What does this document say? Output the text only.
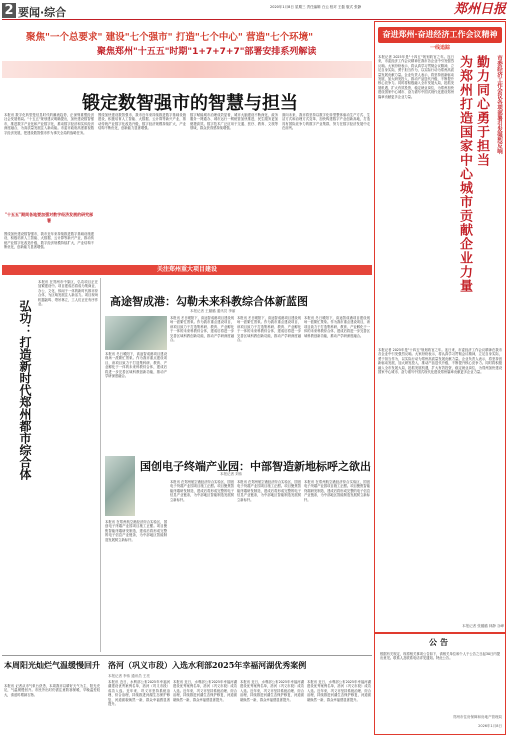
2 要闻·综合	2020年1月8日 星期三 责任编辑 白云 校对 王磊 版式 张静	郑州日报
聚焦"一个总要求" 建设"七个强市" 打造"七个中心" 营造"七个环境"
聚焦郑州"十五五"时期"1+7+7+7"部署安排系列解读
锻定数智强市的智慧与担当
本报讯 数字化转型是信息时代的潮流趋势，正深刻重塑经济社会发展格局。"十五五"规划建议明确提出，加快建设数智强市，推进数字产业化和产业数字化，推动数字经济和实体经济深度融合，为高质量发展注入新动能。市委市政府高度重视数字经济发展，把建设数智强市作为事关全局的战略任务。
"十五五"期间各地要加强对数字经济发展的研究部署
围绕加快建设数智强市，我市近年来持续推进数字基础设施建设，积极培育人工智能、大数据、云计算等新兴产业，推动传统产业数字化改造升级，数字经济规模持续扩大，产业结构不断优化，创新能力显著增强。
围绕加快建设数智强市，我市近年来持续推进数字基础设施建设，积极培育人工智能、大数据、云计算等新兴产业，推动传统产业数字化改造升级，数字经济规模持续扩大，产业结构不断优化，创新能力显著增强。
数字赋能城市治理成效显著，城市大脑建设不断深化，政务服务一网通办、城市运行一网统管加快推进，民生服务更加便捷高效。数字技术广泛应用于交通、医疗、教育、文旅等领域，群众获得感持续增强。
面向未来，我市将坚持以数字化转型整体驱动生产方式、生活方式和治理方式变革，加快构建数字产业创新高地，打造具有国际竞争力的数字产业集群，努力在数字经济发展中走在前列。
奋进郑州·奋进经济工作会议精神
一线追踪
市委经济工作会议各项部署引发强烈反响
勤力同心勇于担当
为郑州打造国家中心城市贡献企业力量
本报记者 2025年是"十四五"规划收官之年。连日来，市委经济工作会议精神在我市各企业中引发强烈反响。大家纷纷表示，将认真学习贯彻会议精神，立足自身实际，勇于担当作为，以实际行动为郑州高质量发展贡献力量。企业负责人表示，将坚持创新驱动发展，加大研发投入，推动产品迭代升级，不断提升核心竞争力。同时将积极融入全市发展大局，抢抓发展机遇，扩大有效投资，稳定就业岗位，为郑州加快建设国家中心城市、奋力谱写中国式现代化建设郑州篇章贡献更多企业力量。
本报记者 2025年是"十四五"规划收官之年。连日来，市委经济工作会议精神在我市各企业中引发强烈反响。大家纷纷表示，将认真学习贯彻会议精神，立足自身实际，勇于担当作为，以实际行动为郑州高质量发展贡献力量。企业负责人表示，将坚持创新驱动发展，加大研发投入，推动产品迭代升级，不断提升核心竞争力。同时将积极融入全市发展大局，抢抓发展机遇，扩大有效投资，稳定就业岗位，为郑州加快建设国家中心城市、奋力谱写中国式现代化建设郑州篇章贡献更多企业力量。
本报记者 张璐璐 林静 谷峰
关注郑州重大项目建设
弘功：打造新时代郑州都市综合体
本报讯 在郑州市中原区，弘功项目正在加紧建设中。项目建成后将成为集商业、办公、文化、休闲于一体的新时代都市综合体，为区域发展注入新活力。项目现场机器轰鸣、塔吊林立，工人们正在有序作业。	高途智成港：勾勒未来科教综合体新蓝图
本报记者 王璐璐 通讯员 李丽
本报讯 冬日暖阳下，高途智成港项目建设现场一派繁忙景象。作为我市重点建设项目，该项目致力于打造集科研、教育、产业孵化于一体的未来科教综合体，建成后将进一步完善区域科教创新功能，推动产学研深度融合。
本报讯 冬日暖阳下，高途智成港项目建设现场一派繁忙景象。作为我市重点建设项目，该项目致力于打造集科研、教育、产业孵化于一体的未来科教综合体，建成后将进一步完善区域科教创新功能，推动产学研深度融合。
本报讯 冬日暖阳下，高途智成港项目建设现场一派繁忙景象。作为我市重点建设项目，该项目致力于打造集科研、教育、产业孵化于一体的未来科教综合体，建成后将进一步完善区域科教创新功能，推动产学研深度融合。
本报讯 冬日暖阳下，高途智成港项目建设现场一派繁忙景象。作为我市重点建设项目，该项目致力于打造集科研、教育、产业孵化于一体的未来科教综合体，建成后将进一步完善区域科教创新功能，推动产学研深度融合。
国创电子终端产业园：中部智造新地标呼之欲出
本报记者 刘伟
本报讯 在郑州航空港经济综合实验区，国创电子终端产业园项目施工正酣。项目聚焦智能终端研发制造，建成后将形成完整的电子信息产业链条，为中部地区智能制造发展树立新标杆。
本报讯 在郑州航空港经济综合实验区，国创电子终端产业园项目施工正酣。项目聚焦智能终端研发制造，建成后将形成完整的电子信息产业链条，为中部地区智能制造发展树立新标杆。
本报讯 在郑州航空港经济综合实验区，国创电子终端产业园项目施工正酣。项目聚焦智能终端研发制造，建成后将形成完整的电子信息产业链条，为中部地区智能制造发展树立新标杆。
本报讯 在郑州航空港经济综合实验区，国创电子终端产业园项目施工正酣。项目聚焦智能终端研发制造，建成后将形成完整的电子信息产业链条，为中部地区智能制造发展树立新标杆。
本周阳光灿烂气温缓慢回升
本报讯 记者从市气象台获悉，本周我市以晴好天气为主，阳光充足，气温缓慢回升。市民外出时仍需注意防寒保暖，早晚温差较大，请适时增减衣物。
洛河（巩义市段）入选水利部2025年幸福河湖优秀案例
本报记者 李伟 通讯员 王亮
本报讯 近日，水利部公布2025年幸福河湖建设优秀案例名单，洛河（巩义市段）成功入选。近年来，巩义市坚持系统治理、综合治理，持续推进河湖生态保护修复，河道面貌焕然一新，群众幸福感显著提升。
本报讯 近日，水利部公布2025年幸福河湖建设优秀案例名单，洛河（巩义市段）成功入选。近年来，巩义市坚持系统治理、综合治理，持续推进河湖生态保护修复，河道面貌焕然一新，群众幸福感显著提升。
本报讯 近日，水利部公布2025年幸福河湖建设优秀案例名单，洛河（巩义市段）成功入选。近年来，巩义市坚持系统治理、综合治理，持续推进河湖生态保护修复，河道面貌焕然一新，群众幸福感显著提升。
本报讯 近日，水利部公布2025年幸福河湖建设优秀案例名单，洛河（巩义市段）成功入选。近年来，巩义市坚持系统治理、综合治理，持续推进河湖生态保护修复，河道面貌焕然一新，群众幸福感显著提升。
公告
根据有关规定，现将相关事项公告如下，请相关单位和个人于公告之日起30日内提出意见。联系人及联系电话详见通知。特此公告。
郑州市住房保障和房地产管理局
2026年1月8日
